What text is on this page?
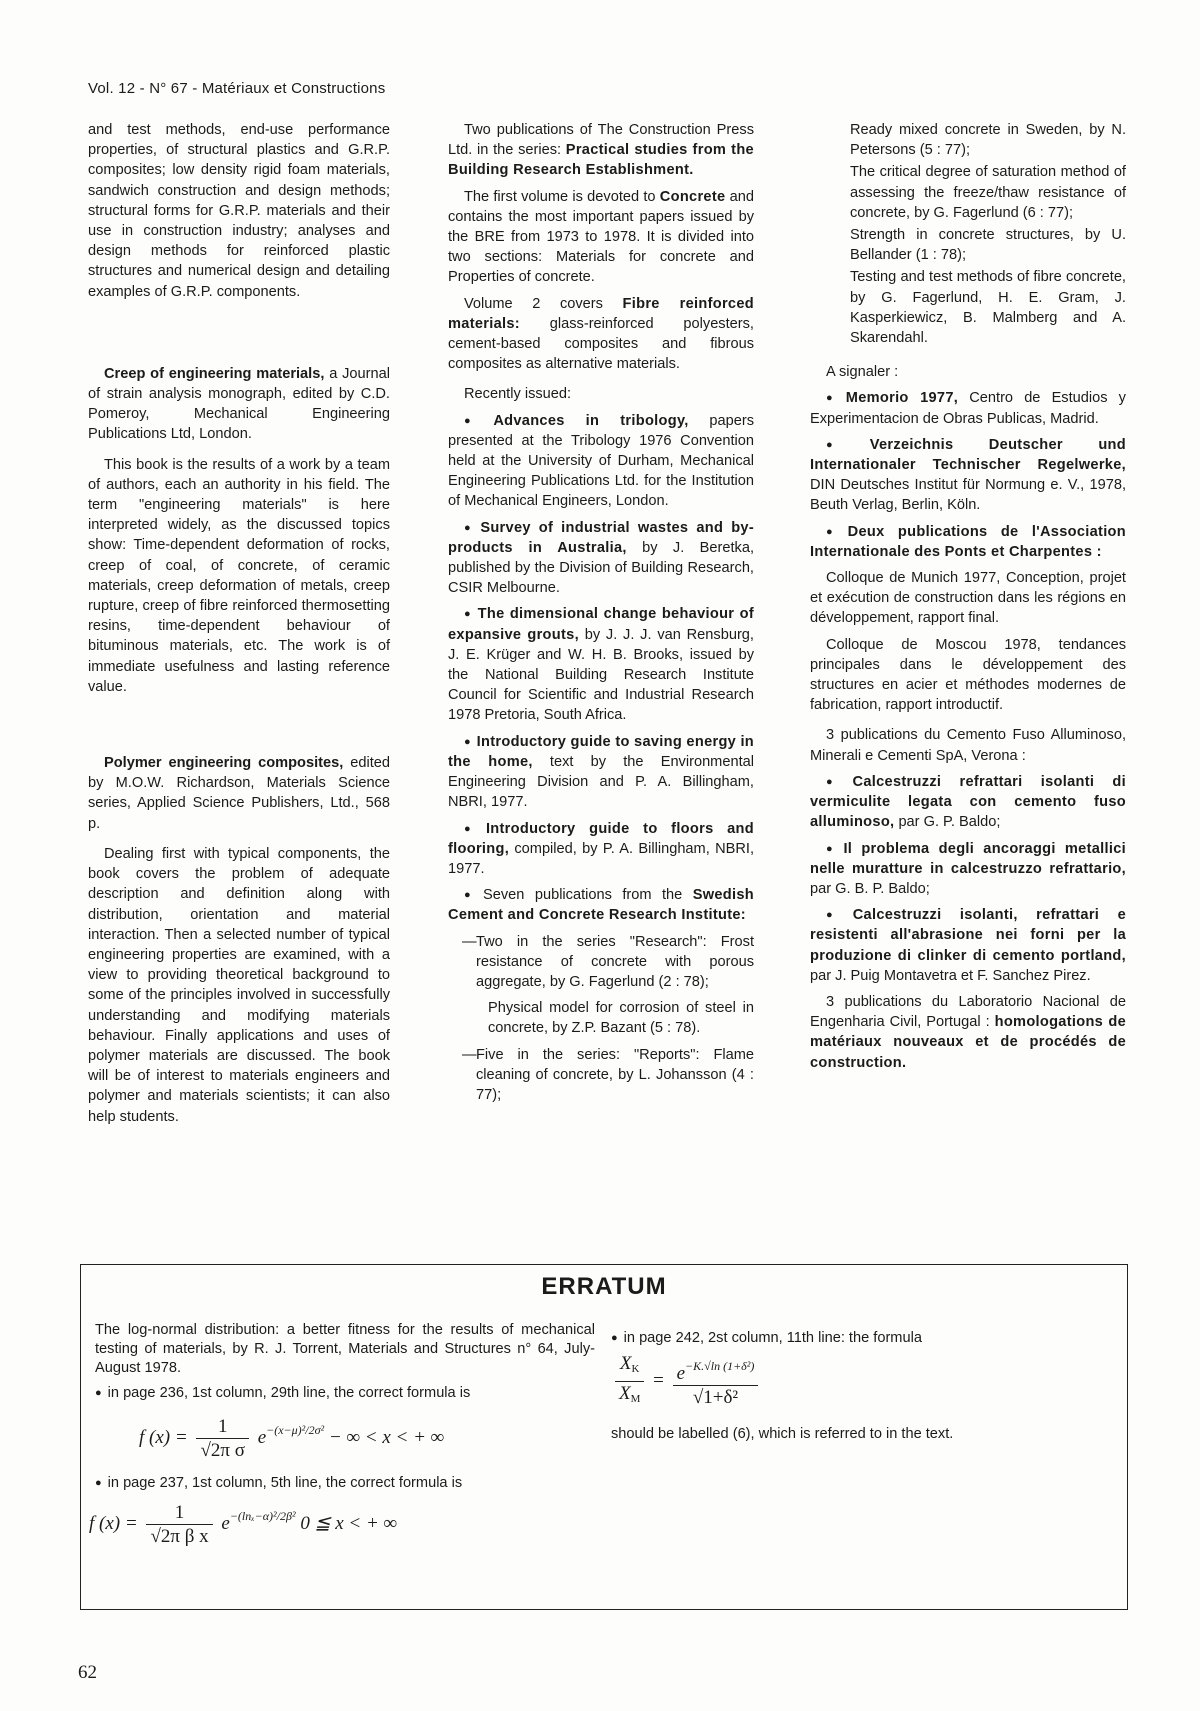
Vol. 12 - N° 67 - Matériaux et Constructions

and test methods, end-use performance properties, of structural plastics and G.R.P. composites; low density rigid foam materials, sandwich construction and design methods; structural forms for G.R.P. materials and their use in construction industry; analyses and design methods for reinforced plastic structures and numerical design and detailing examples of G.R.P. components.

Creep of engineering materials, a Journal of strain analysis monograph, edited by C.D. Pomeroy, Mechanical Engineering Publications Ltd, London.

This book is the results of a work by a team of authors, each an authority in his field. The term "engineering materials" is here interpreted widely, as the discussed topics show: Time-dependent deformation of rocks, creep of coal, of concrete, of ceramic materials, creep deformation of metals, creep rupture, creep of fibre reinforced thermosetting resins, time-dependent behaviour of bituminous materials, etc. The work is of immediate usefulness and lasting reference value.

Polymer engineering composites, edited by M.O.W. Richardson, Materials Science series, Applied Science Publishers, Ltd., 568 p.

Dealing first with typical components, the book covers the problem of adequate description and definition along with distribution, orientation and material interaction. Then a selected number of typical engineering properties are examined, with a view to providing theoretical background to some of the principles involved in successfully understanding and modifying materials behaviour. Finally applications and uses of polymer materials are discussed. The book will be of interest to materials engineers and polymer and materials scientists; it can also help students.

Two publications of The Construction Press Ltd. in the series: Practical studies from the Building Research Establishment.

The first volume is devoted to Concrete and contains the most important papers issued by the BRE from 1973 to 1978. It is divided into two sections: Materials for concrete and Properties of concrete.

Volume 2 covers Fibre reinforced materials: glass-reinforced polyesters, cement-based composites and fibrous composites as alternative materials.

Recently issued:

● Advances in tribology, papers presented at the Tribology 1976 Convention held at the University of Durham, Mechanical Engineering Publications Ltd. for the Institution of Mechanical Engineers, London.

● Survey of industrial wastes and by-products in Australia, by J. Beretka, published by the Division of Building Research, CSIR Melbourne.

● The dimensional change behaviour of expansive grouts, by J. J. J. van Rensburg, J. E. Krüger and W. H. B. Brooks, issued by the National Building Research Institute Council for Scientific and Industrial Research 1978 Pretoria, South Africa.

● Introductory guide to saving energy in the home, text by the Environmental Engineering Division and P. A. Billingham, NBRI, 1977.

● Introductory guide to floors and flooring, compiled, by P. A. Billingham, NBRI, 1977.

● Seven publications from the Swedish Cement and Concrete Research Institute:

— Two in the series "Research": Frost resistance of concrete with porous aggregate, by G. Fagerlund (2 : 78);

Physical model for corrosion of steel in concrete, by Z.P. Bazant (5 : 78).

— Five in the series: "Reports": Flame cleaning of concrete, by L. Johansson (4 : 77);

Ready mixed concrete in Sweden, by N. Petersons (5 : 77);

The critical degree of saturation method of assessing the freeze/thaw resistance of concrete, by G. Fagerlund (6 : 77);

Strength in concrete structures, by U. Bellander (1 : 78);

Testing and test methods of fibre concrete, by G. Fagerlund, H. E. Gram, J. Kasperkiewicz, B. Malmberg and A. Skarendahl.

A signaler :

● Memorio 1977, Centro de Estudios y Experimentacion de Obras Publicas, Madrid.

● Verzeichnis Deutscher und Internationaler Technischer Regelwerke, DIN Deutsches Institut für Normung e. V., 1978, Beuth Verlag, Berlin, Köln.

● Deux publications de l'Association Internationale des Ponts et Charpentes :

Colloque de Munich 1977, Conception, projet et exécution de construction dans les régions en développement, rapport final.

Colloque de Moscou 1978, tendances principales dans le développement des structures en acier et méthodes modernes de fabrication, rapport introductif.

3 publications du Cemento Fuso Alluminoso, Minerali e Cementi SpA, Verona :

● Calcestruzzi refrattari isolanti di vermiculite legata con cemento fuso alluminoso, par G. P. Baldo;

● Il problema degli ancoraggi metallici nelle muratture in calcestruzzo refrattario, par G. B. P. Baldo;

● Calcestruzzi isolanti, refrattari e resistenti all'abrasione nei forni per la produzione di clinker di cemento portland, par J. Puig Montavetra et F. Sanchez Pirez.

3 publications du Laboratorio Nacional de Engenharia Civil, Portugal : homologations de matériaux nouveaux et de procédés de construction.

ERRATUM

The log-normal distribution: a better fitness for the results of mechanical testing of materials, by R. J. Torrent, Materials and Structures n° 64, July-August 1978.

● in page 236, 1st column, 29th line, the correct formula is

f $(x) = \frac{1}{\text{√2π σ}} e^{-(x-\mu)^2/2\sigma^2}$ − ∞ < x < + ∞

● in page 237, 1st column, 5th line, the correct formula is

f $(x) = \frac{1}{\text{√2π β x}} e^{-(ln_x-\alpha)^2/2\beta^2}$ 0 ≦ x < + ∞

● in page 242, 2st column, 11th line: the formula

$\frac{XK}{XM} = \frac{e^{-K.√ln (1+\delta^2)}}{\text{√1+δ²}}$

should be labelled (6), which is referred to in the text.

62
